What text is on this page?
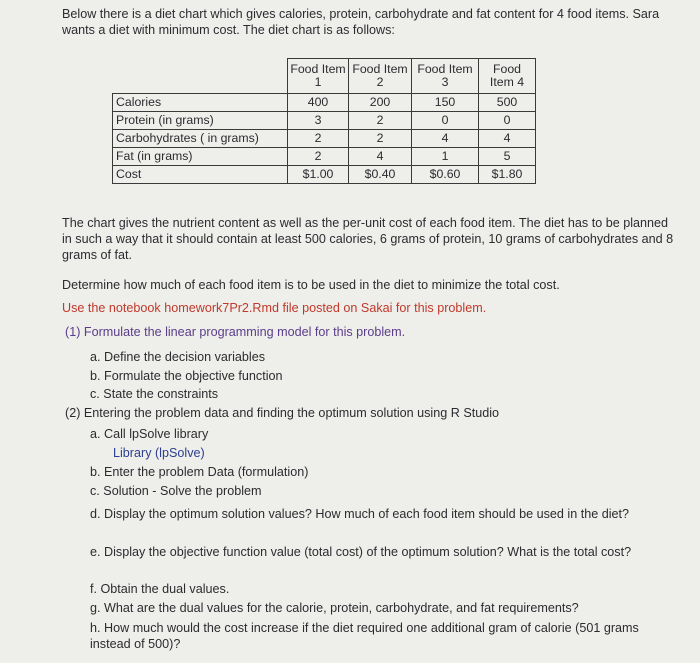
Below there is a diet chart which gives calories, protein, carbohydrate and fat content for 4 food items. Sara wants a diet with minimum cost. The diet chart is as follows:
	Food Item 1	Food Item 2	Food Item 3	Food Item 4
Calories	400	200	150	500
Protein (in grams)	3	2	0	0
Carbohydrates ( in grams)	2	2	4	4
Fat (in grams)	2	4	1	5
Cost	$1.00	$0.40	$0.60	$1.80
The chart gives the nutrient content as well as the per-unit cost of each food item. The diet has to be planned in such a way that it should contain at least 500 calories, 6 grams of protein, 10 grams of carbohydrates and 8 grams of fat.
Determine how much of each food item is to be used in the diet to minimize the total cost.
Use the notebook homework7Pr2.Rmd file posted on Sakai for this problem.
(1) Formulate the linear programming model for this problem.
a. Define the decision variables
b. Formulate the objective function
c. State the constraints
(2) Entering the problem data and finding the optimum solution using R Studio
a. Call lpSolve library
Library (lpSolve)
b. Enter the problem Data (formulation)
c. Solution - Solve the problem
d. Display the optimum solution values? How much of each food item should be used in the diet?
e. Display the objective function value (total cost) of the optimum solution? What is the total cost?
f. Obtain the dual values.
g. What are the dual values for the calorie, protein, carbohydrate, and fat requirements?
h. How much would the cost increase if the diet required one additional gram of calorie (501 grams instead of 500)?
